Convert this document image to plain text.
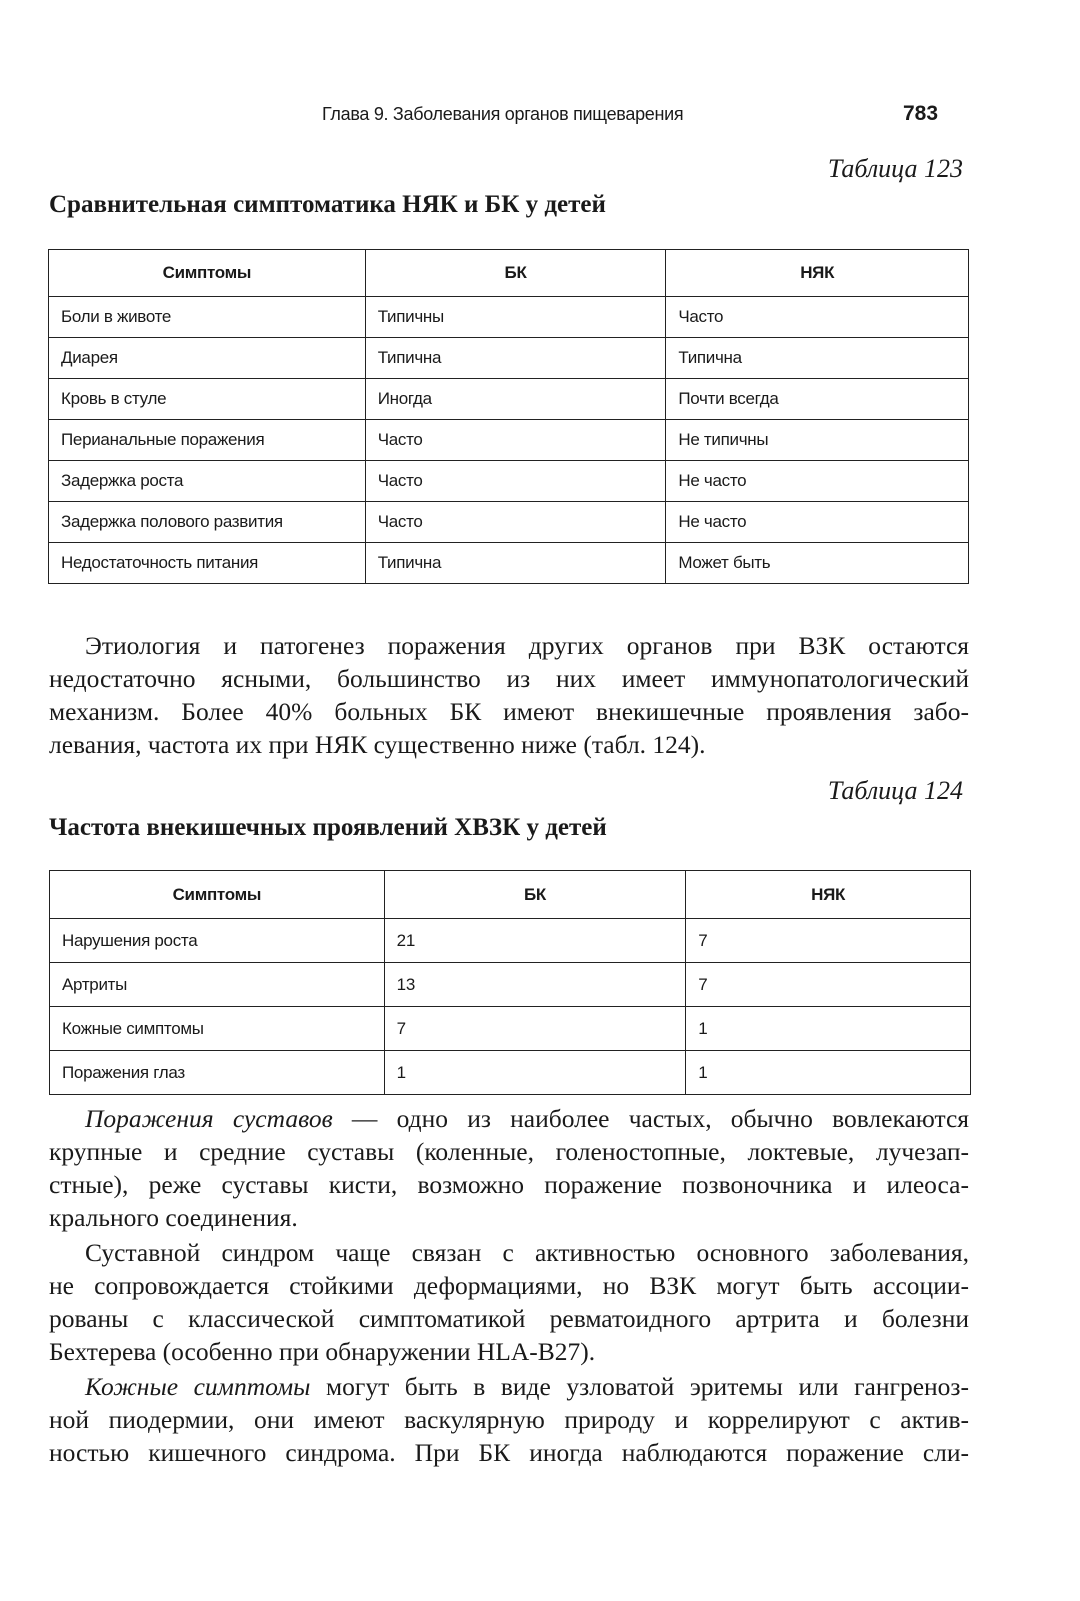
Глава 9. Заболевания органов пищеварения	783
Таблица 123
Сравнительная симптоматика НЯК и БК у детей
Симптомы	БК	НЯК
Боли в животе	Типичны	Часто
Диарея	Типична	Типична
Кровь в стуле	Иногда	Почти всегда
Перианальные поражения	Часто	Не типичны
Задержка роста	Часто	Не часто
Задержка полового развития	Часто	Не часто
Недостаточность питания	Типична	Может быть

Этиология и патогенез поражения других органов при ВЗК остаются
недостаточно ясными, большинство из них имеет иммунопатологический
механизм. Более 40% больных БК имеют внекишечные проявления забо-
левания, частота их при НЯК существенно ниже (табл. 124).

Таблица 124
Частота внекишечных проявлений ХВЗК у детей
Симптомы	БК	НЯК
Нарушения роста	21	7
Артриты	13	7
Кожные симптомы	7	1
Поражения глаз	1	1

Поражения суставов — одно из наиболее частых, обычно вовлекаются
крупные и средние суставы (коленные, голеностопные, локтевые, лучезап-
стные), реже суставы кисти, возможно поражение позвоночника и илеоса-
крального соединения.

Суставной синдром чаще связан с активностью основного заболевания,
не сопровождается стойкими деформациями, но ВЗК могут быть ассоции-
рованы с классической симптоматикой ревматоидного артрита и болезни
Бехтерева (особенно при обнаружении HLA-B27).

Кожные симптомы могут быть в виде узловатой эритемы или гангреноз-
ной пиодермии, они имеют васкулярную природу и коррелируют с актив-
ностью кишечного синдрома. При БК иногда наблюдаются поражение сли-
